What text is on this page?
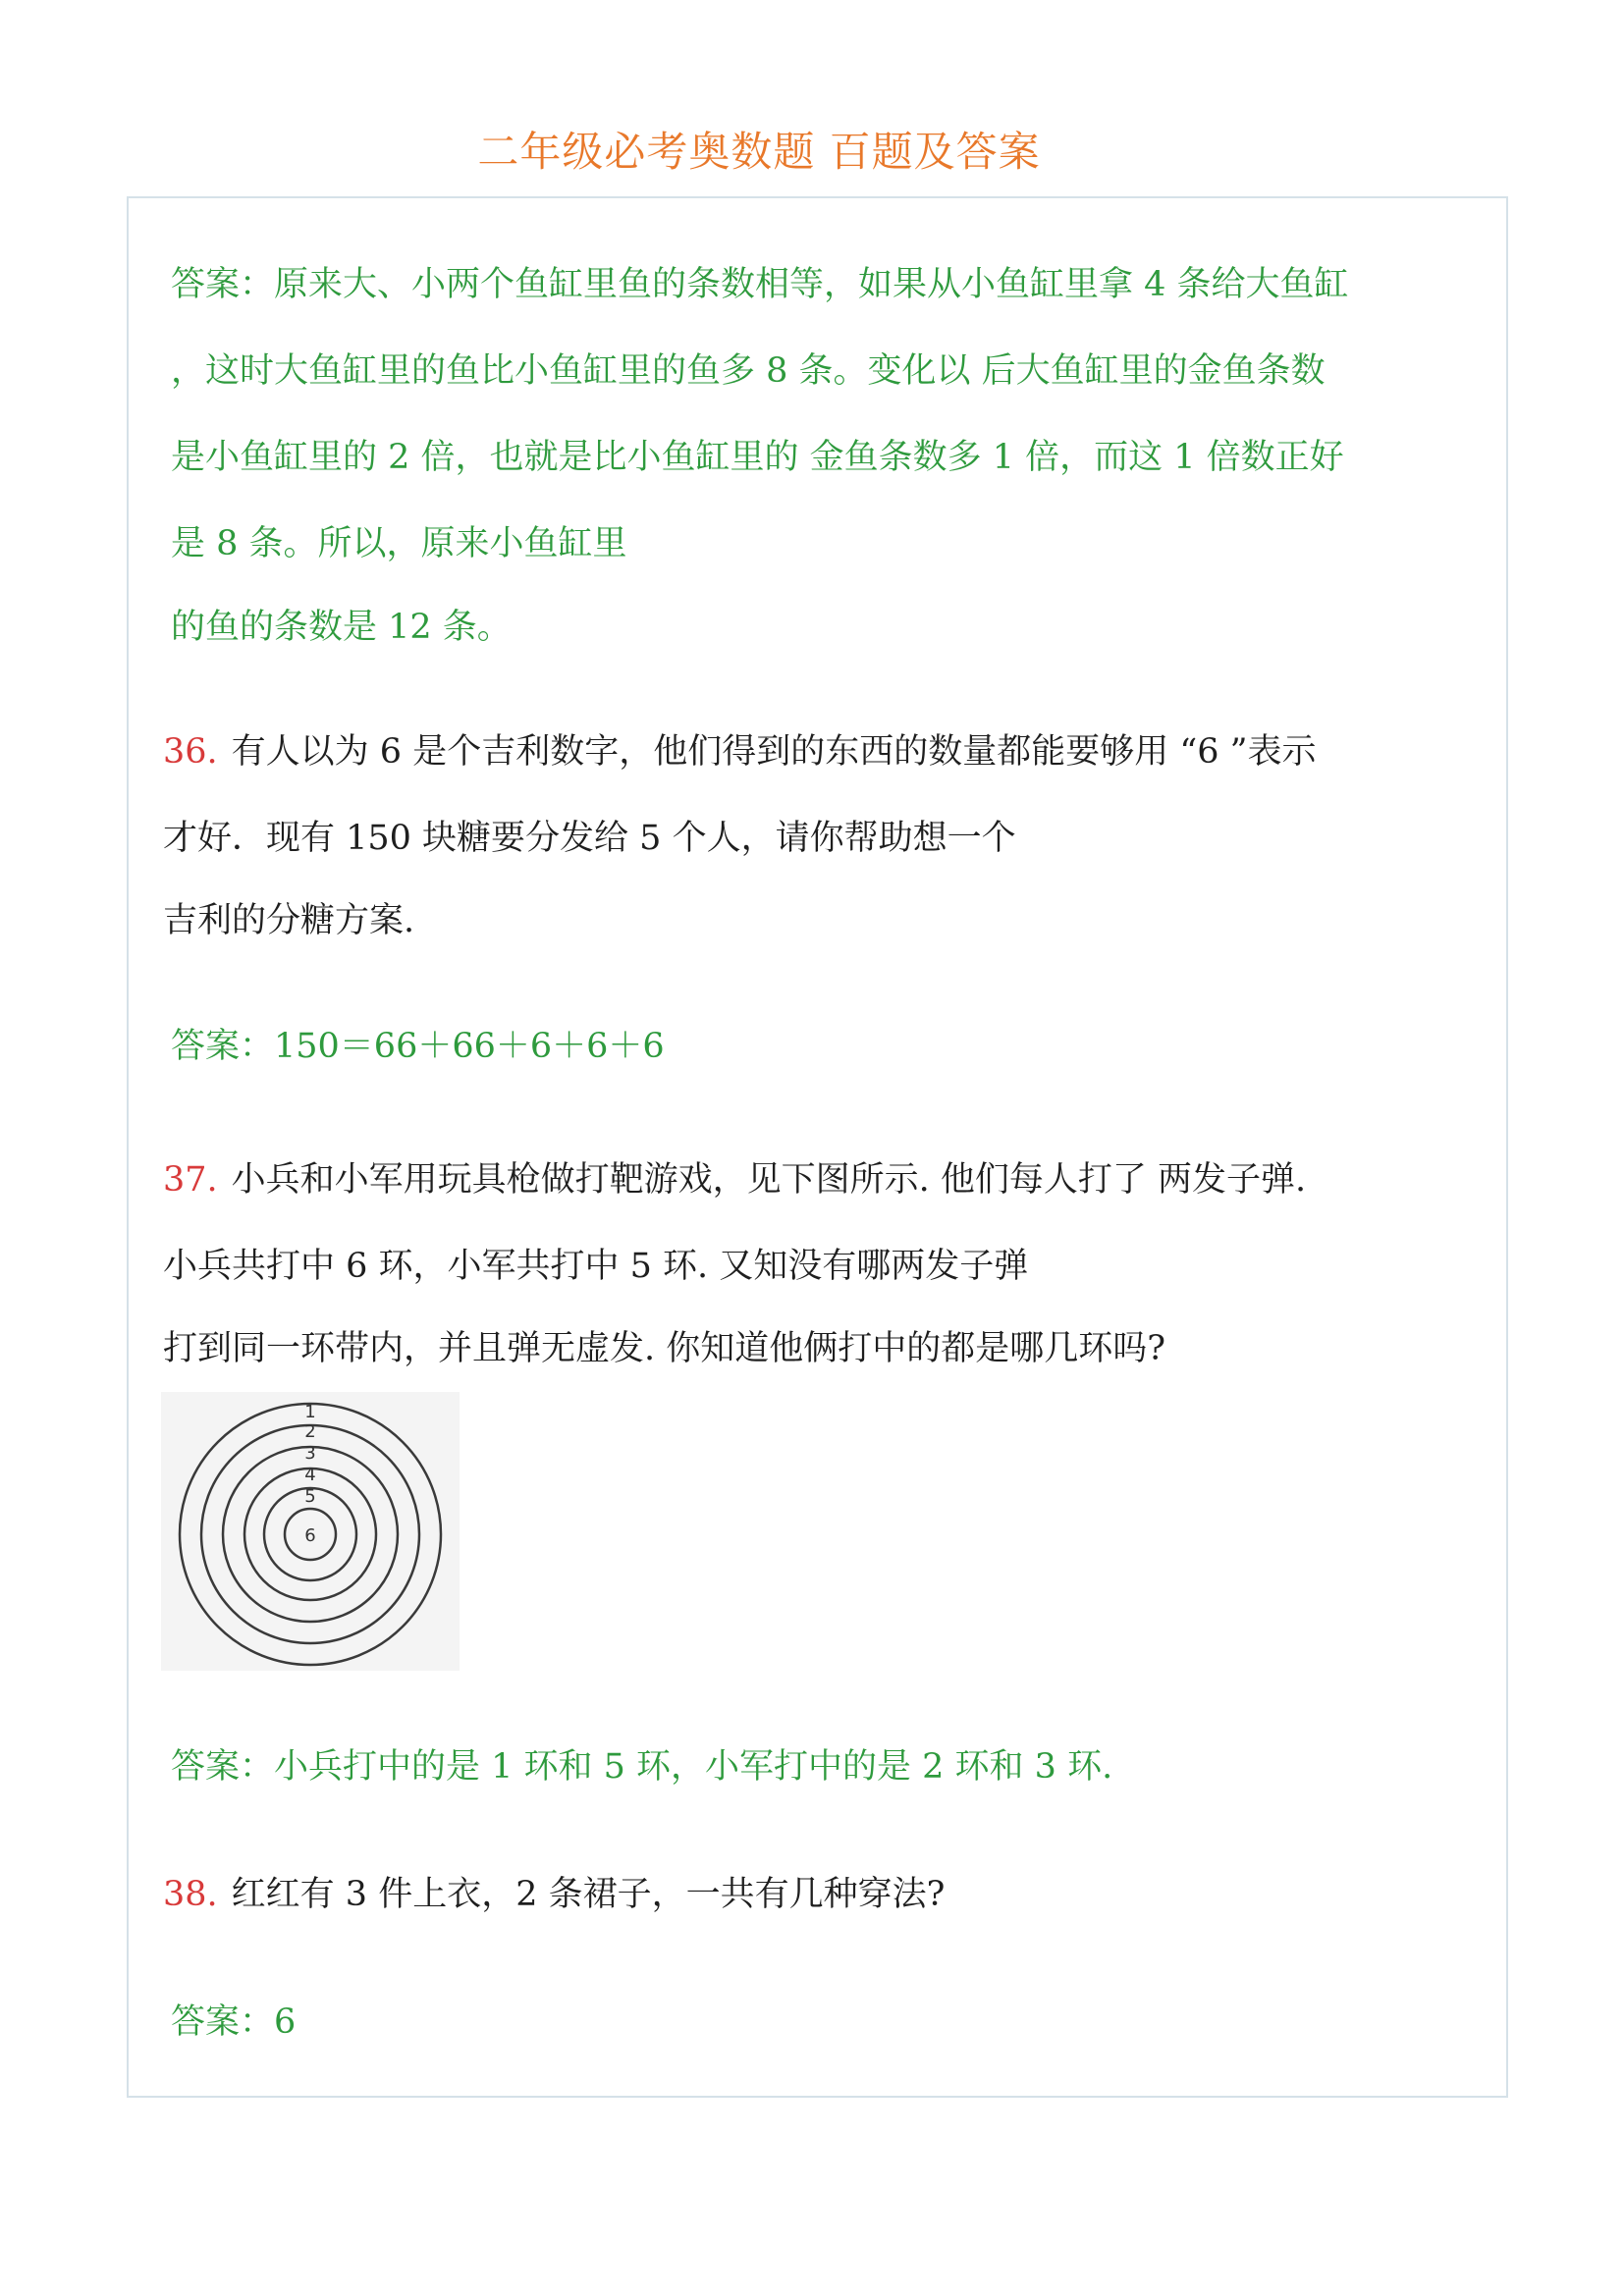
二年级必考奥数题 百题及答案
答案：原来大、小两个鱼缸里鱼的条数相等，如果从小鱼缸里拿 4 条给大鱼缸
，这时大鱼缸里的鱼比小鱼缸里的鱼多 8 条。变化以 后大鱼缸里的金鱼条数
是小鱼缸里的 2 倍，也就是比小鱼缸里的 金鱼条数多 1 倍，而这 1 倍数正好
是 8 条。所以，原来小鱼缸里
的鱼的条数是 12 条。
36. 有人以为 6 是个吉利数字，他们得到的东西的数量都能要够用 “6 ”表示
才好．现有 150 块糖要分发给 5 个人，请你帮助想一个
吉利的分糖方案.
答案：150＝66＋66＋6＋6＋6
37. 小兵和小军用玩具枪做打靶游戏，见下图所示. 他们每人打了 两发子弹.
小兵共打中 6 环，小军共打中 5 环. 又知没有哪两发子弹
打到同一环带内，并且弹无虚发. 你知道他俩打中的都是哪几环吗?
1
2
3
4
5
6
答案：小兵打中的是 1 环和 5 环，小军打中的是 2 环和 3 环.
38. 红红有 3 件上衣，2 条裙子，一共有几种穿法?
答案：6
